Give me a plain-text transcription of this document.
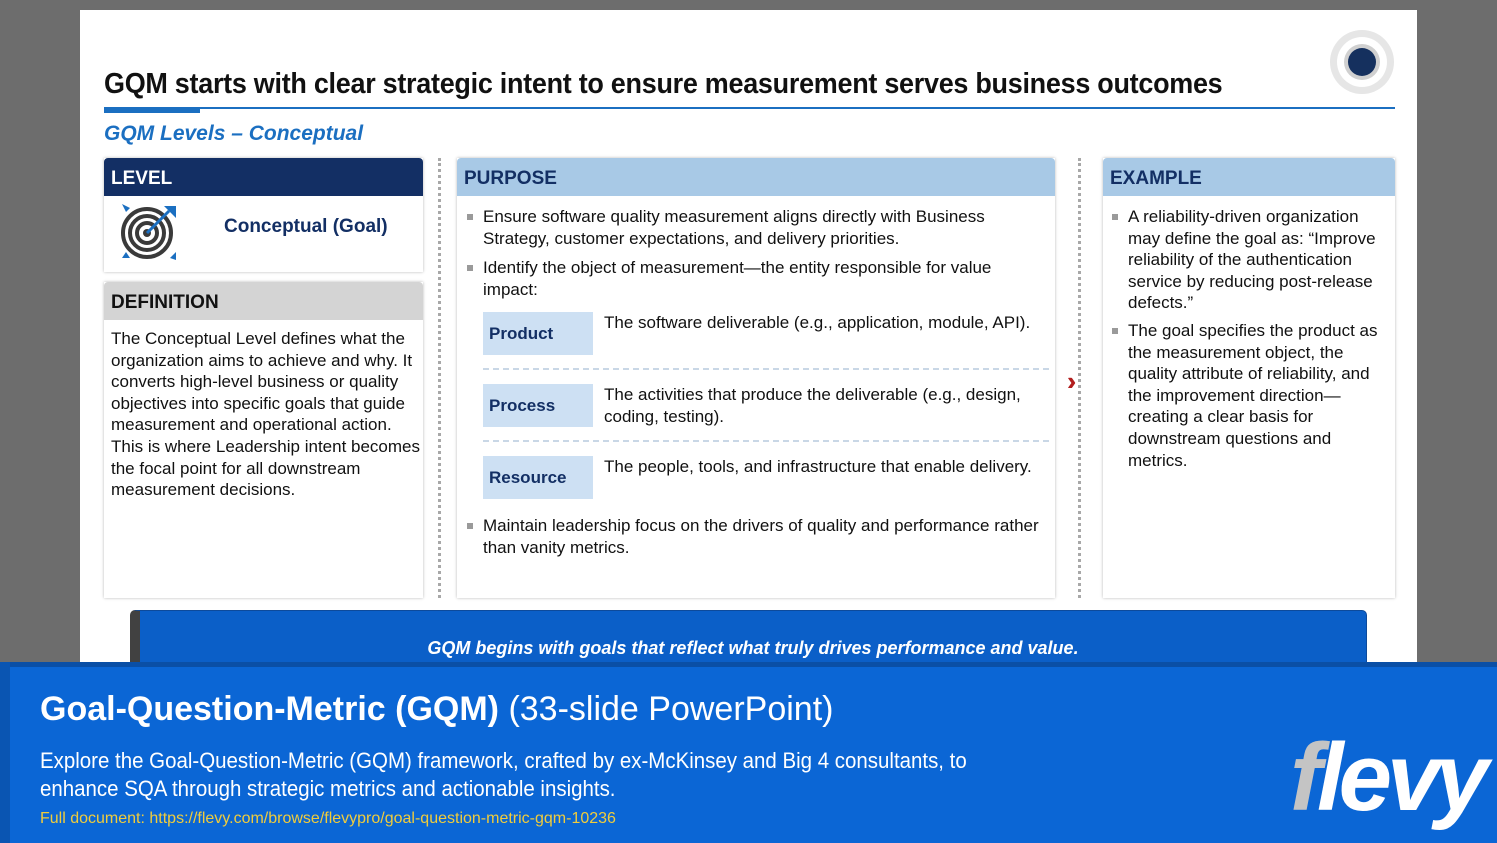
GQM starts with clear strategic intent to ensure measurement serves business outcomes
GQM Levels – Conceptual
LEVEL
Conceptual (Goal)
DEFINITION
The Conceptual Level defines what the organization aims to achieve and why. It converts high-level business or quality objectives into specific goals that guide measurement and operational action. This is where Leadership intent becomes the focal point for all downstream measurement decisions.
PURPOSE
Ensure software quality measurement aligns directly with Business Strategy, customer expectations, and delivery priorities.
Identify the object of measurement—the entity responsible for value impact:
Product
The software deliverable (e.g., application, module, API).
Process
The activities that produce the deliverable (e.g., design, coding, testing).
Resource
The people, tools, and infrastructure that enable delivery.
Maintain leadership focus on the drivers of quality and performance rather than vanity metrics.
››
EXAMPLE
A reliability-driven organization may define the goal as: “Improve reliability of the authentication service by reducing post-release defects.”
The goal specifies the product as the measurement object, the quality attribute of reliability, and the improvement direction—creating a clear basis for downstream questions and metrics.
GQM begins with goals that reflect what truly drives performance and value.
Goal-Question-Metric (GQM) (33-slide PowerPoint)
Explore the Goal-Question-Metric (GQM) framework, crafted by ex-McKinsey and Big 4 consultants, to enhance SQA through strategic metrics and actionable insights.
Full document: https://flevy.com/browse/flevypro/goal-question-metric-gqm-10236	flevy
